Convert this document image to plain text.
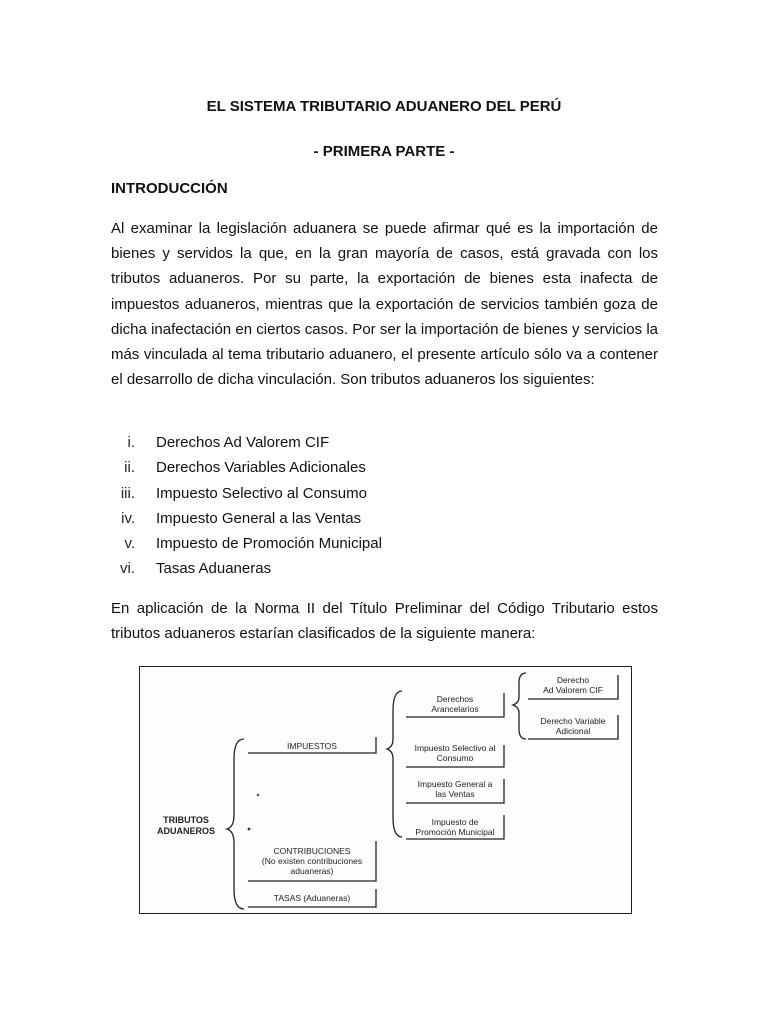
EL SISTEMA TRIBUTARIO ADUANERO DEL PERÚ
- PRIMERA PARTE -
INTRODUCCIÓN

Al examinar la legislación aduanera se puede afirmar qué es la importación de bienes y servidos la que, en la gran mayoría de casos, está gravada con los tributos aduaneros. Por su parte, la exportación de bienes esta inafecta de impuestos aduaneros, mientras que la exportación de servicios también goza de dicha inafectación en ciertos casos. Por ser la importación de bienes y servicios la más vinculada al tema tributario aduanero, el presente artículo sólo va a contener el desarrollo de dicha vinculación. Son tributos aduaneros los siguientes:

i. Derechos Ad Valorem CIF
ii. Derechos Variables Adicionales
iii. Impuesto Selectivo al Consumo
iv. Impuesto General a las Ventas
v. Impuesto de Promoción Municipal
vi. Tasas Aduaneras

En aplicación de la Norma II del Título Preliminar del Código Tributario estos tributos aduaneros estarían clasificados de la siguiente manera:

TRIBUTOS
ADUANEROS
IMPUESTOS
CONTRIBUCIONES
(No existen contribuciones
aduaneras)
TASAS (Aduaneras)
Derechos
Arancelarios
Impuesto Selectivo al
Consumo
Impuesto General a
las Ventas
Impuesto de
Promoción Municipal
Derecho
Ad Valorem CIF
Derecho Variable
Adicional
